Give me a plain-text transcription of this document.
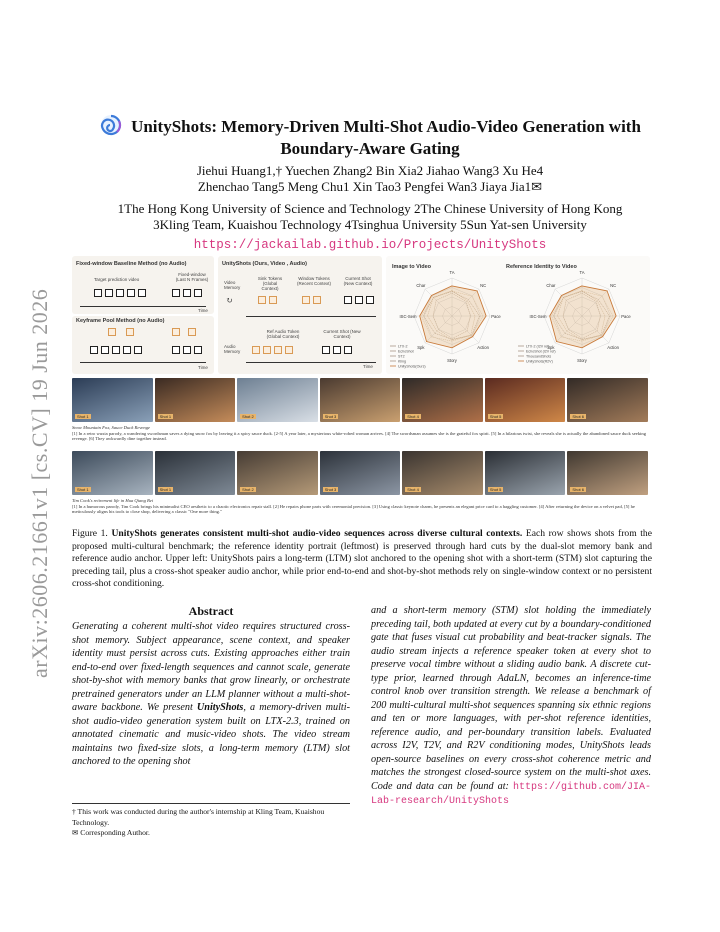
arXiv:2606.21661v1 [cs.CV] 19 Jun 2026
UnityShots: Memory-Driven Multi-Shot Audio-Video Generation with Boundary-Aware Gating
Jiehui Huang1,† Yuechen Zhang2 Bin Xia2 Jiahao Wang3 Xu He4
Zhenchao Tang5 Meng Chu1 Xin Tao3 Pengfei Wan3 Jiaya Jia1✉
1The Hong Kong University of Science and Technology 2The Chinese University of Hong Kong
3Kling Team, Kuaishou Technology 4Tsinghua University 5Sun Yat-sen University
https://jackailab.github.io/Projects/UnityShots
Fixed-window Baseline Method (no Audio)
Target prediction video
Fixed-window (Last N Frames)
Time
Keyframe Pool Method (no Audio)
Time
UnityShots (Ours, Video , Audio)
Video Memory
Sink Tokens (Global Context)
Window Tokens (Recent Context)
Current Shot (New Context)
↻
Ref Audio Token (Global Context)
Current Shot (New Context)
Audio Memory
Time
Image to Video	Reference Identity to Video
TA
NC
Pace
Action
Story
Spk
ISC-Sem
Char
LTX-2
EchoShot
ST2
Kling
UnityShots(Ours)
TA
NC
Pace
Action
Story
Spk
ISC-Sem
Char
LTX-2 (I2V ref)
EchoShot (I2V ref)
ThousandShots
UnityShots(R2V)
Shot 1	Shot 1	Shot 2	Shot 3	Shot 4	Shot 5	Shot 6
Snow Mountain Fox, Sauce Duck Revenge
[1] In a retro wuxia parody, a wandering swordsman saves a dying snow fox by leaving it a spicy sauce duck. [2-5] A year later, a mysterious white-robed woman arrives. [4] The swordsman assumes she is the grateful fox spirit. [5] In a hilarious twist, she reveals she is actually the abandoned sauce duck seeking revenge. [6] They awkwardly dine together instead.
Shot 1	Shot 1	Shot 2	Shot 3	Shot 4	Shot 5	Shot 6
Tim Cook's retirement life in Hua Qiang Bei
[1] In a humorous parody, Tim Cook brings his minimalist CEO aesthetic to a chaotic electronics repair stall. [2] He repairs phone parts with ceremonial precision. [3] Using classic keynote charm, he presents an elegant price card to a haggling customer. [4] After returning the device on a velvet pad, [5] he meticulously aligns his tools to close shop, delivering a classic "One more thing."
Figure 1. UnityShots generates consistent multi-shot audio-video sequences across diverse cultural contexts. Each row shows shots from the proposed multi-cultural benchmark; the reference identity portrait (leftmost) is preserved through hard cuts by the dual-slot memory bank and reference audio anchor. Upper left: UnityShots pairs a long-term (LTM) slot anchored to the opening shot with a short-term (STM) slot capturing the preceding tail, plus a cross-shot speaker audio anchor, while prior end-to-end and shot-by-shot methods rely on single-window context or no persistent cross-shot conditioning.
Abstract
Generating a coherent multi-shot video requires structured cross-shot memory. Subject appearance, scene context, and speaker identity must persist across cuts. Existing approaches either train end-to-end over fixed-length sequences and cannot scale, generate shot-by-shot with memory banks that grow linearly, or orchestrate pretrained generators under an LLM planner without a multi-shot-aware backbone. We present UnityShots, a memory-driven multi-shot audio-video generation system built on LTX-2.3, trained on annotated cinematic and music-video shots. The video stream maintains two fixed-size slots, a long-term memory (LTM) slot anchored to the opening shot
and a short-term memory (STM) slot holding the immediately preceding tail, both updated at every cut by a boundary-conditioned gate that fuses visual cut probability and beat-tracker signals. The audio stream injects a reference speaker token at every shot to preserve vocal timbre without a sliding audio bank. A discrete cut-type prior, learned through AdaLN, becomes an inference-time control knob over transition strength. We release a benchmark of 200 multi-cultural multi-shot sequences spanning six ethnic regions and ten or more languages, with per-shot reference identities, reference audio, and per-boundary transition labels. Evaluated across I2V, T2V, and R2V conditioning modes, UnityShots leads open-source baselines on every cross-shot coherence metric and matches the strongest closed-source system on the multi-shot axes. Code and data can be found at: https://github.com/JIA-Lab-research/UnityShots
† This work was conducted during the author's internship at Kling Team, Kuaishou Technology.
✉ Corresponding Author.
